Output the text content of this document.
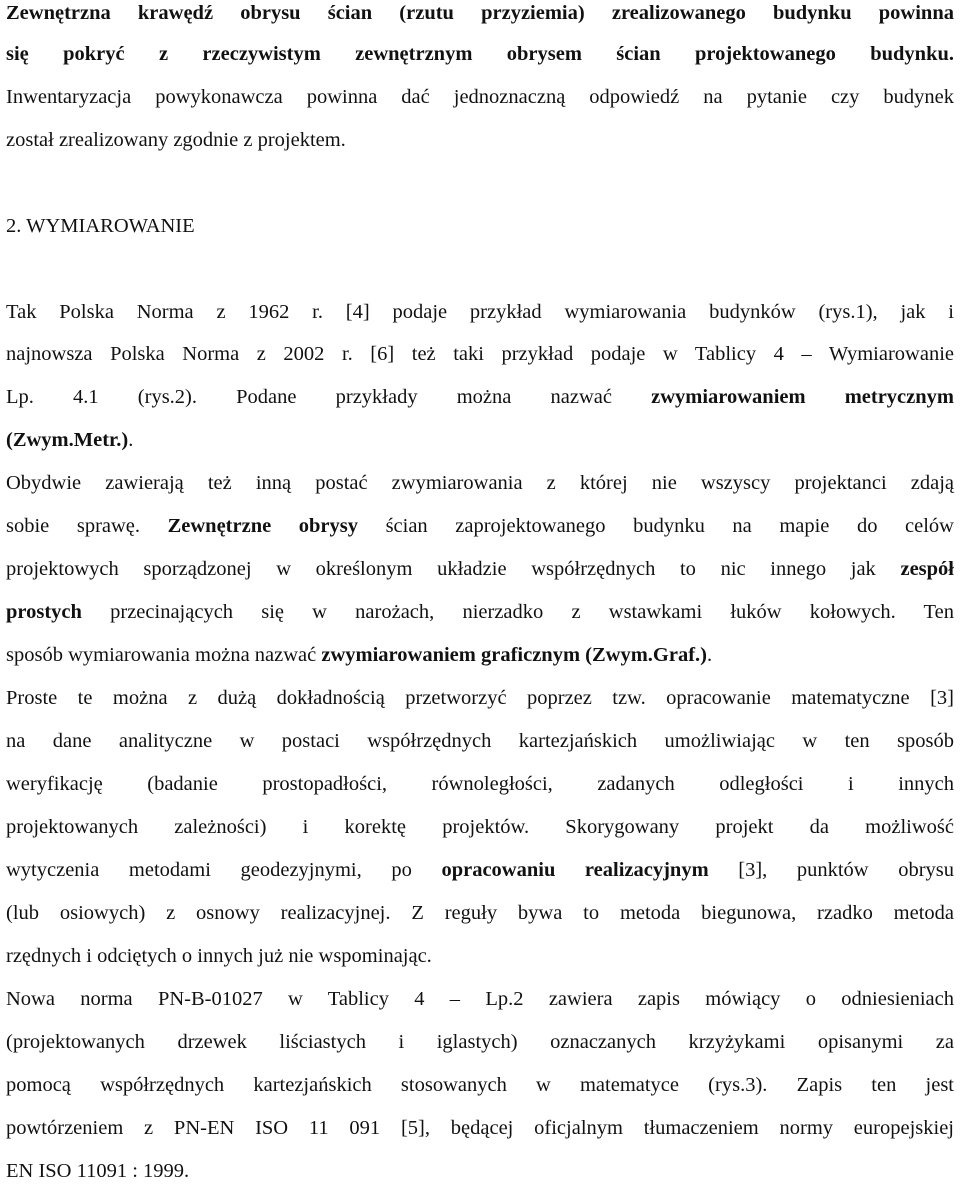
Zewnętrzna krawędź obrysu ścian (rzutu przyziemia) zrealizowanego budynku powinna
się pokryć z rzeczywistym zewnętrznym obrysem ścian projektowanego budynku.
Inwentaryzacja powykonawcza powinna dać jednoznaczną odpowiedź na pytanie czy budynek
został zrealizowany zgodnie z projektem.
2. WYMIAROWANIE
Tak Polska Norma z 1962 r. [4] podaje przykład wymiarowania budynków (rys.1), jak i
najnowsza Polska Norma z 2002 r. [6] też taki przykład podaje w Tablicy 4 – Wymiarowanie
Lp. 4.1 (rys.2). Podane przykłady można nazwać zwymiarowaniem metrycznym
(Zwym.Metr.).
Obydwie zawierają też inną postać zwymiarowania z której nie wszyscy projektanci zdają
sobie sprawę. Zewnętrzne obrysy ścian zaprojektowanego budynku na mapie do celów
projektowych sporządzonej w określonym układzie współrzędnych to nic innego jak zespół
prostych przecinających się w narożach, nierzadko z wstawkami łuków kołowych. Ten
sposób wymiarowania można nazwać zwymiarowaniem graficznym (Zwym.Graf.).
Proste te można z dużą dokładnością przetworzyć poprzez tzw. opracowanie matematyczne [3]
na dane analityczne w postaci współrzędnych kartezjańskich umożliwiając w ten sposób
weryfikację (badanie prostopadłości, równoległości, zadanych odległości i innych
projektowanych zależności) i korektę projektów. Skorygowany projekt da możliwość
wytyczenia metodami geodezyjnymi, po opracowaniu realizacyjnym [3], punktów obrysu
(lub osiowych) z osnowy realizacyjnej. Z reguły bywa to metoda biegunowa, rzadko metoda
rzędnych i odciętych o innych już nie wspominając.
Nowa norma PN-B-01027 w Tablicy 4 – Lp.2 zawiera zapis mówiący o odniesieniach
(projektowanych drzewek liściastych i iglastych) oznaczanych krzyżykami opisanymi za
pomocą współrzędnych kartezjańskich stosowanych w matematyce (rys.3). Zapis ten jest
powtórzeniem z PN-EN ISO 11 091 [5], będącej oficjalnym tłumaczeniem normy europejskiej
EN ISO 11091 : 1999.
